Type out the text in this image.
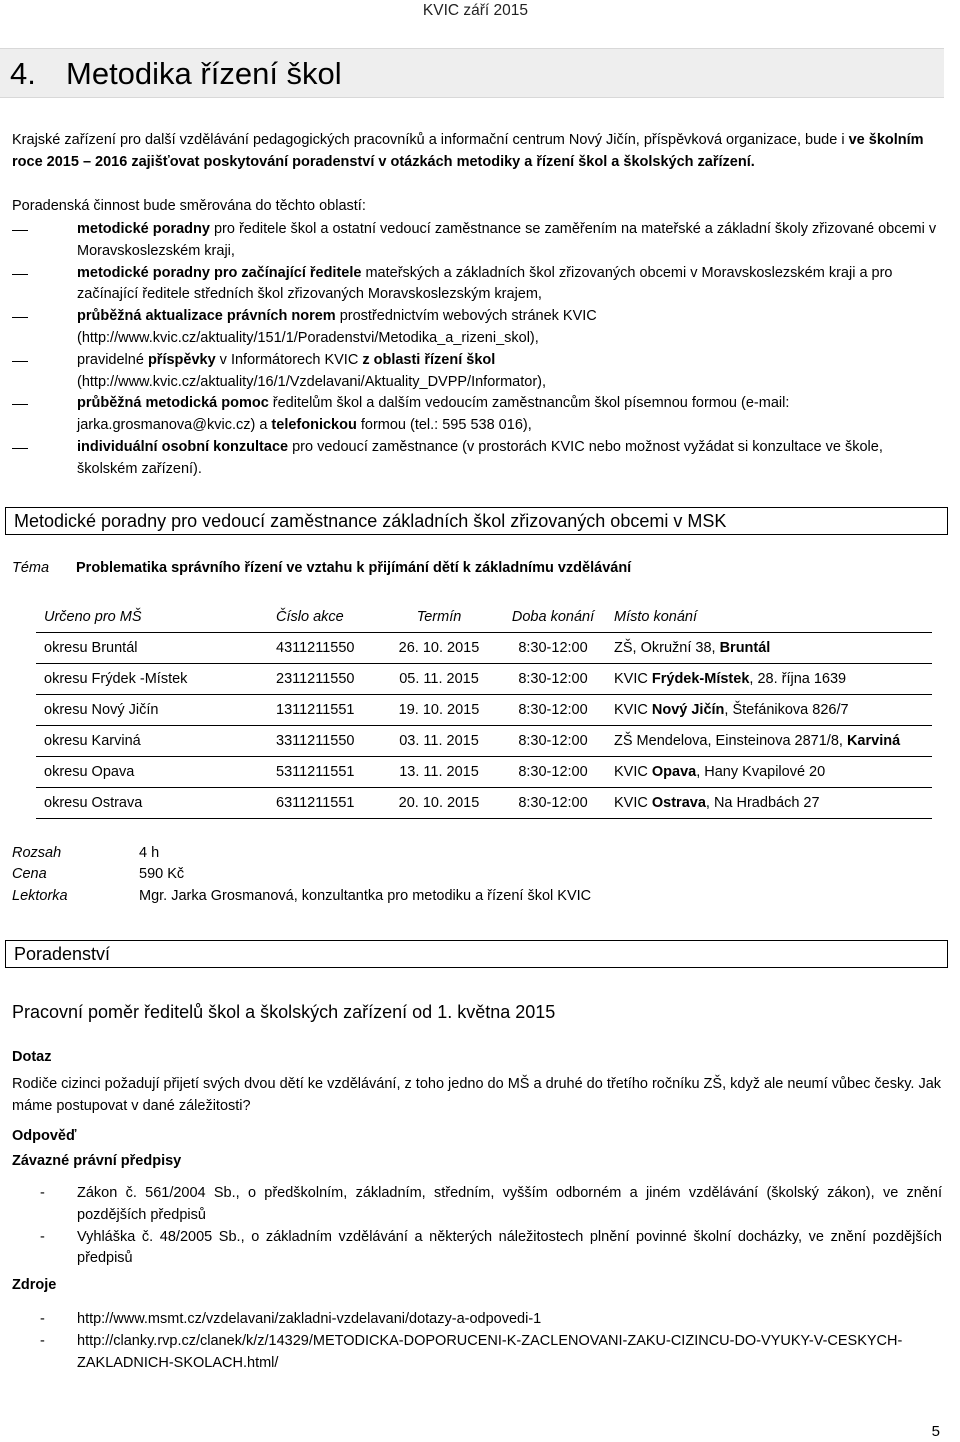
KVIC září 2015
4. Metodika řízení škol
Krajské zařízení pro další vzdělávání pedagogických pracovníků a informační centrum Nový Jičín, příspěvková organizace, bude i ve školním roce 2015 – 2016 zajišťovat poskytování poradenství v otázkách metodiky a řízení škol a školských zařízení.
Poradenská činnost bude směrována do těchto oblastí:
metodické poradny pro ředitele škol a ostatní vedoucí zaměstnance se zaměřením na mateřské a základní školy zřizované obcemi v Moravskoslezském kraji,
metodické poradny pro začínající ředitele mateřských a základních škol zřizovaných obcemi v Moravskoslezském kraji a pro začínající ředitele středních škol zřizovaných Moravskoslezským krajem,
průběžná aktualizace právních norem prostřednictvím webových stránek KVIC (http://www.kvic.cz/aktuality/151/1/Poradenstvi/Metodika_a_rizeni_skol),
pravidelné příspěvky v Informátorech KVIC z oblasti řízení škol (http://www.kvic.cz/aktuality/16/1/Vzdelavani/Aktuality_DVPP/Informator),
průběžná metodická pomoc ředitelům škol a dalším vedoucím zaměstnancům škol písemnou formou (e-mail: jarka.grosmanova@kvic.cz) a telefonickou formou (tel.: 595 538 016),
individuální osobní konzultace pro vedoucí zaměstnance (v prostorách KVIC nebo možnost vyžádat si konzultace ve škole, školském zařízení).
Metodické poradny pro vedoucí zaměstnance základních škol zřizovaných obcemi v MSK
Téma Problematika správního řízení ve vztahu k přijímání dětí k základnímu vzdělávání
Určeno pro MŠ	Číslo akce	Termín	Doba konání	Místo konání
okresu Bruntál	4311211550	26. 10. 2015	8:30-12:00	ZŠ, Okružní 38, Bruntál
okresu Frýdek -Místek	2311211550	05. 11. 2015	8:30-12:00	KVIC Frýdek-Místek, 28. října 1639
okresu Nový Jičín	1311211551	19. 10. 2015	8:30-12:00	KVIC Nový Jičín, Štefánikova 826/7
okresu Karviná	3311211550	03. 11. 2015	8:30-12:00	ZŠ Mendelova, Einsteinova 2871/8, Karviná
okresu Opava	5311211551	13. 11. 2015	8:30-12:00	KVIC Opava, Hany Kvapilové 20
okresu Ostrava	6311211551	20. 10. 2015	8:30-12:00	KVIC Ostrava, Na Hradbách 27
Rozsah	4 h
Cena	590 Kč
Lektorka	Mgr. Jarka Grosmanová, konzultantka pro metodiku a řízení škol KVIC
Poradenství
Pracovní poměr ředitelů škol a školských zařízení od 1. května 2015
Dotaz
Rodiče cizinci požadují přijetí svých dvou dětí ke vzdělávání, z toho jedno do MŠ a druhé do třetího ročníku ZŠ, když ale neumí vůbec česky. Jak máme postupovat v dané záležitosti?
Odpověď
Závazné právní předpisy
- Zákon č. 561/2004 Sb., o předškolním, základním, středním, vyšším odborném a jiném vzdělávání (školský zákon), ve znění pozdějších předpisů
- Vyhláška č. 48/2005 Sb., o základním vzdělávání a některých náležitostech plnění povinné školní docházky, ve znění pozdějších předpisů
Zdroje
- http://www.msmt.cz/vzdelavani/zakladni-vzdelavani/dotazy-a-odpovedi-1
- http://clanky.rvp.cz/clanek/k/z/14329/METODICKA-DOPORUCENI-K-ZACLENOVANI-ZAKU-CIZINCU-DO-VYUKY-V-CESKYCH-ZAKLADNICH-SKOLACH.html/
5
